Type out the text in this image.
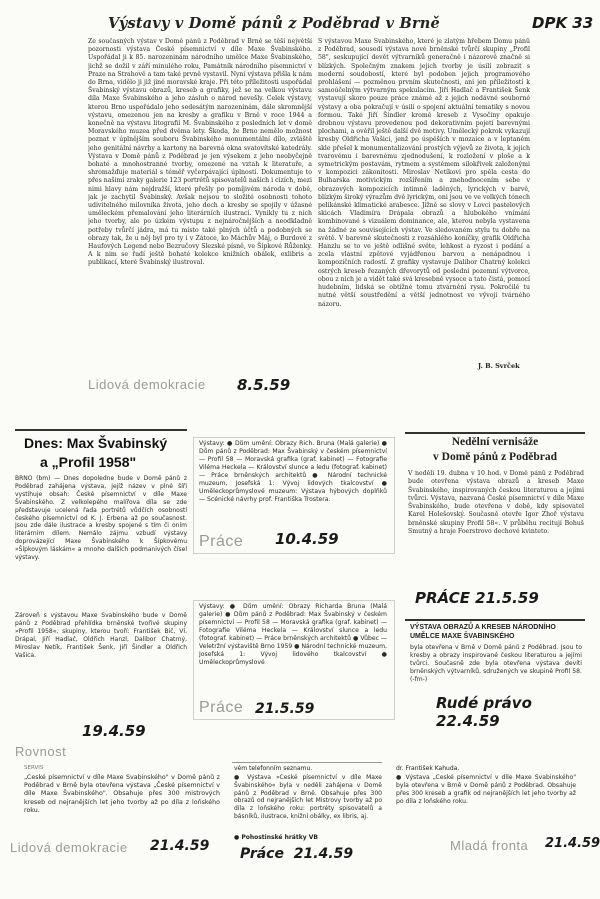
DPK 33
Výstavy v Domě pánů z Poděbrad v Brně
Ze současných výstav v Domě pánů z Poděbrad v Brně se těší největší pozornosti výstava České písemnictví v díle Maxe Švabinského. Uspořádal ji k 85. narozeninám národního umělce Maxe Švabinského, jichž se dožil v září minulého roku, Památník národního písemnictví v Praze na Strahově a tam také prvně vystavil. Nyní výstava přišla k nám do Brna, vidělo ji již jiné moravské kraje. Při této příležitosti uspořádal Švabinský výstavu obrazů, kreseb a grafiky, jež se na velkou výstavu díla Maxe Švabinského a jeho zásluh o národ nevešly. Celek výstavy, kterou Brno uspořádalo jeho sedesátým narozeninám, dále skromnější výstavu, omezenou jen na kresby a grafiku v Brně v roce 1944 a konečně na výstavu litografií M. Švabinského z posledních let v domě Moravského muzea před dvěma lety. Škoda, že Brno nemělo možnost poznat v úplnějším souboru Švabinského monumentální dílo, zvláště jeho genitální návrhy a kartony na barevná okna svatovítské katedrály. Výstava v Domě pánů z Poděbrad je jen výsekem z jeho neobyčejně bohaté a mnohostranné tvorby, omezené na vztah k literatuře, a shromažďuje materiál s téměř vyčerpávající úplností. Dokumentuje to přes našimi zraky galerie 123 portrétů spisovatelů našich i cizích, mezi nimi hlavy nám nejdražší, které přešly po pomíjivém národa v době, jak je zachytil Švabinský. Avšak nejsou to složité osobnosti tohoto udivitelného milovníka života, jeho dech a kresby se spojily v úžasné uměleckém přemalování jeho literárních ilustrací. Vynikly tu z nich jeho tvorby, ale po úzkém výstupu z nejnáročnějších a neodkladně potřeby tvůrčí jádra, má tu místo také plných účtů a podobných se obrazy tak, že u něj byl pro ty i v Zátoce, ko Máchův Máj, o Burdové z Haufových Legend nebo Bezručovy Slezské písně, ve Šípkové Růženky. A k nim se řadí ještě bohaté kolekce knižních obálek, exlibris a publikací, které Švabinský ilustroval.
S výstavou Maxe Švabinského, které je zlatým hřebem Domu pánů z Poděbrad, sousedí výstava nové brněnské tvůrčí skupiny „Profil 58", seskupující devět výtvarníků generačně i názorově značně si blízkých. Společným znakem jejich tvorby je úsilí zobrazit s moderní soudobostí, které byl podoben jejich programového prohlášení — pozměnou prvním skutečnosti, ani jen příležitostí k samoúčelným výtvarným spekulacím. Jiří Hadlač a František Šenk vystavují skoro pouze práce známé až z jejich nedávné souborné výstavy a oba pokračují v úsilí o spojení aktuální tematiky s novou formou. Také Jiří Šindler kromě kreseb z Vysočiny opakuje drobnou výstavu provedenou pod dekorativním pojetí barevnými plochami, a ověřil ještě další dvě motivy. Umělecký pokrok vykazují kresby Oldřicha Vašici, jenž po úspěších v mozaice a v leptaném skle přešel k monumentalizování prostých výjevů ze života, k jejich tvarovému i barevnému zjednodušení, k rozložení v ploše a k symetrickým postavám, rytmem a systémem silokřivek založenými v kompozici zákonitosti. Miroslav Netíkovi pro spěla cesta do Bulharska motivickým rozšířením a znehodnocením sebe v obrazových kompozicích intimně laděných, lyrických v barvě, blízkým široký výrazům dvě lyrickým, oni jsou ve ve velkých tónech pelikánské klimatické arabesce. Jižně se slovy v Lovci pastelových skicách Vladimíra Drápala obrazů a hlubokého vnímání kombinované s vizuálem dominance, ale, kterou nebyla vystavena na žádné ze souvisejících výstav. Ve sledovaném stylu tu dobře na světě. V barevné skutečnosti z rozsáhlého koníčky, grafik Oldřicha Hanzlu se to ve ještě odlišné světe, lehkost a ryzost i podání a zcela vlastní zpětové vyjádřenou barvou a nenápadnou i kompozičních radostí. Z grafiky vystavuje Dalibor Chatrný kolekci ostrých kreseb řezaných dřevorytů od poslední pozemní výtvorce, obou z nich je a vidět také svá kresebně vysoce a tato čistá, pomocí hudebním, lidská se obtížné tomu ztvárnění rysu. Pokročilé tu nutné větší soustředění a větší jednotnost ve vývoji tvárného názoru.
J. B. Svrček
Lidová demokracie 8.5.59
Dnes: Max Švabinský
a „Profil 1958"
BRNO (bm) — Dnes dopoledne bude v Domě pánů z Poděbrad zahájena výstava, jejíž název v plné šíři vystihuje obsah: České písemnictví v díle Maxe Švabinského. Z velkolepého malířova díla se zde představuje ucelená řada portrétů vůdčích osobností českého písemnictví od K. J. Erbena až po současnost. Jsou zde dále ilustrace a kresby spojené s tím či oním literárním dílem. Nemálo zájmu vzbudí výstavy doprovázející Maxe Švabinského k Šípkovému »Šípkovým láskám« a mnoho dalších podmanivých čísel výstavy.
Zároveň s výstavou Maxe Švabinského bude v Domě pánů z Poděbrad přehlídka brněnské tvořivé skupiny »Profil 1958«, skupiny, kterou tvoří: František Bič, Vl. Drápal, Jiří Hadlač, Oldřich Hanzl, Dalibor Chatrný, Miroslav Netík, František Šenk, Jiří Šindler a Oldřich Vašica.
19.4.59
Rovnost
Výstavy: ● Dům umění: Obrazy Rich. Bruna (Malá galerie) ● Dům pánů z Poděbrad: Max Švabinský v českém písemnictví — Profil 58 — Moravská grafika (graf. kabinet) — Fotografie Viléma Heckela — Království slunce a ledu (fotograf. kabinet) — Práce brněnských architektů ● Národní technické muzeum, Josefská 1: Vývoj lidových tkalcovství ● Uměleckoprůmyslové muzeum: Výstava hýbových doplňků — Scénické návrhy prof. Františka Trostera.
Práce 10.4.59
Nedělní vernisáže
v Domě pánů z Poděbrad
V neděli 19. dubna v 10 hod. v Domě pánů z Poděbrad bude otevřena výstava obrazů a kreseb Maxe Švabinského, inspirovaných českou literaturou a jejími tvůrci. Výstava, nazvaná České písemnictví v díle Maxe Švabinského, bude otevřena v době, kdy spisovatel Karel Holešovský. Současně otevře Igor Zhoř výstavu brněnské skupiny Profil 58«. V průběhu recitují Bohuš Smutný a hraje Foerstrovo dechové kvinteto.
PRÁCE 21.5.59
Výstavy: ● Dům umění: Obrazy Richarda Bruna (Malá galerie) ● Dům pánů z Poděbrad: Max Švabinský v českém písemnictví — Profil 58 — Moravská grafika (graf. kabinet) — Fotografie Viléma Heckela — Království slunce a ledu (fotograf. kabinet) — Práce brněnských architektů ● Vůbec — Veletržní výstaviště Brno 1959 ● Národní technické muzeum, Josefská 1: Vývoj lidového tkalcovství ● Uměleckoprůmyslové
Práce 21.5.59
VÝSTAVA OBRAZŮ A KRESEB NÁRODNÍHO UMĚLCE MAXE ŠVABINSKÉHO
byla otevřena v Brně v Domě pánů z Poděbrad. Jsou to kresby a obrazy inspirované českou literaturou a jejími tvůrci. Současně zde byla otevřena výstava devíti brněnských výtvarníků, sdružených ve skupině Profil 58. (-fm-)
Rudé právo 22.4.59
SERVIS
„České písemnictví v díle Maxe Švabinského" v Domě pánů z Poděbrad v Brně byla otevřena výstava „České písemnictví v díle Maxe Švabinského". Obsahuje přes 300 mistrových kreseb od nejranějších let jeho tvorby až po díla z loňského roku.
Lidová demokracie 21.4.59
vém telefonním seznamu.
● Výstava »České písemnictví v díle Maxe Švabinského« byla v neděli zahájena v Domě pánů z Poděbrad v Brně. Obsahuje přes 300 obrazů od nejranějších let Mistrovy tvorby až po díla z loňského roku: portréty spisovatelů a básníků, ilustrace, knižní obálky, ex libris, aj.
● Pohostinské hrátky VB
Práce  21.4.59
dr. František Kahuda.
● Výstava „České písemnictví v díle Maxe Švabinského" byla otevřena v Brně v Domě pánů z Poděbrad. Obsahuje přes 300 kreseb a grafik od nejranějších let jeho tvorby až po díla z loňského roku.
Mladá fronta 21.4.59
